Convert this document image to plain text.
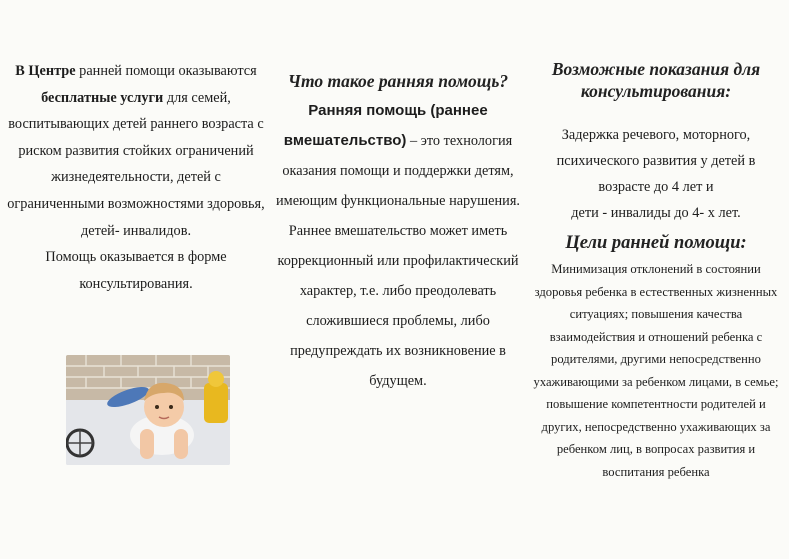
В Центре ранней помощи оказываются бесплатные услуги для семей, воспитывающих детей раннего возраста с риском развития стойких ограничений жизнедеятельности, детей с ограниченными возможностями здоровья, детей- инвалидов.
Помощь оказывается в форме консультирования.

Что такое ранняя помощь?

Ранняя помощь (раннее вмешательство) – это технология оказания помощи и поддержки детям, имеющим функциональные нарушения. Раннее вмешательство может иметь коррекционный или профилактический характер, т.е. либо преодолевать сложившиеся проблемы, либо предупреждать их возникновение в будущем.

Возможные показания для консультирования:

Задержка речевого, моторного,
психического развития у детей в
возрасте до 4 лет и
дети - инвалиды до 4- х лет.

Цели ранней помощи:

Минимизация отклонений в состоянии здоровья ребенка в естественных жизненных ситуациях; повышения качества взаимодействия и отношений ребенка с родителями, другими непосредственно ухаживающими за ребенком лицами, в семье;
повышение компетентности родителей и других, непосредственно ухаживающих за ребенком лиц, в вопросах развития и воспитания ребенка
